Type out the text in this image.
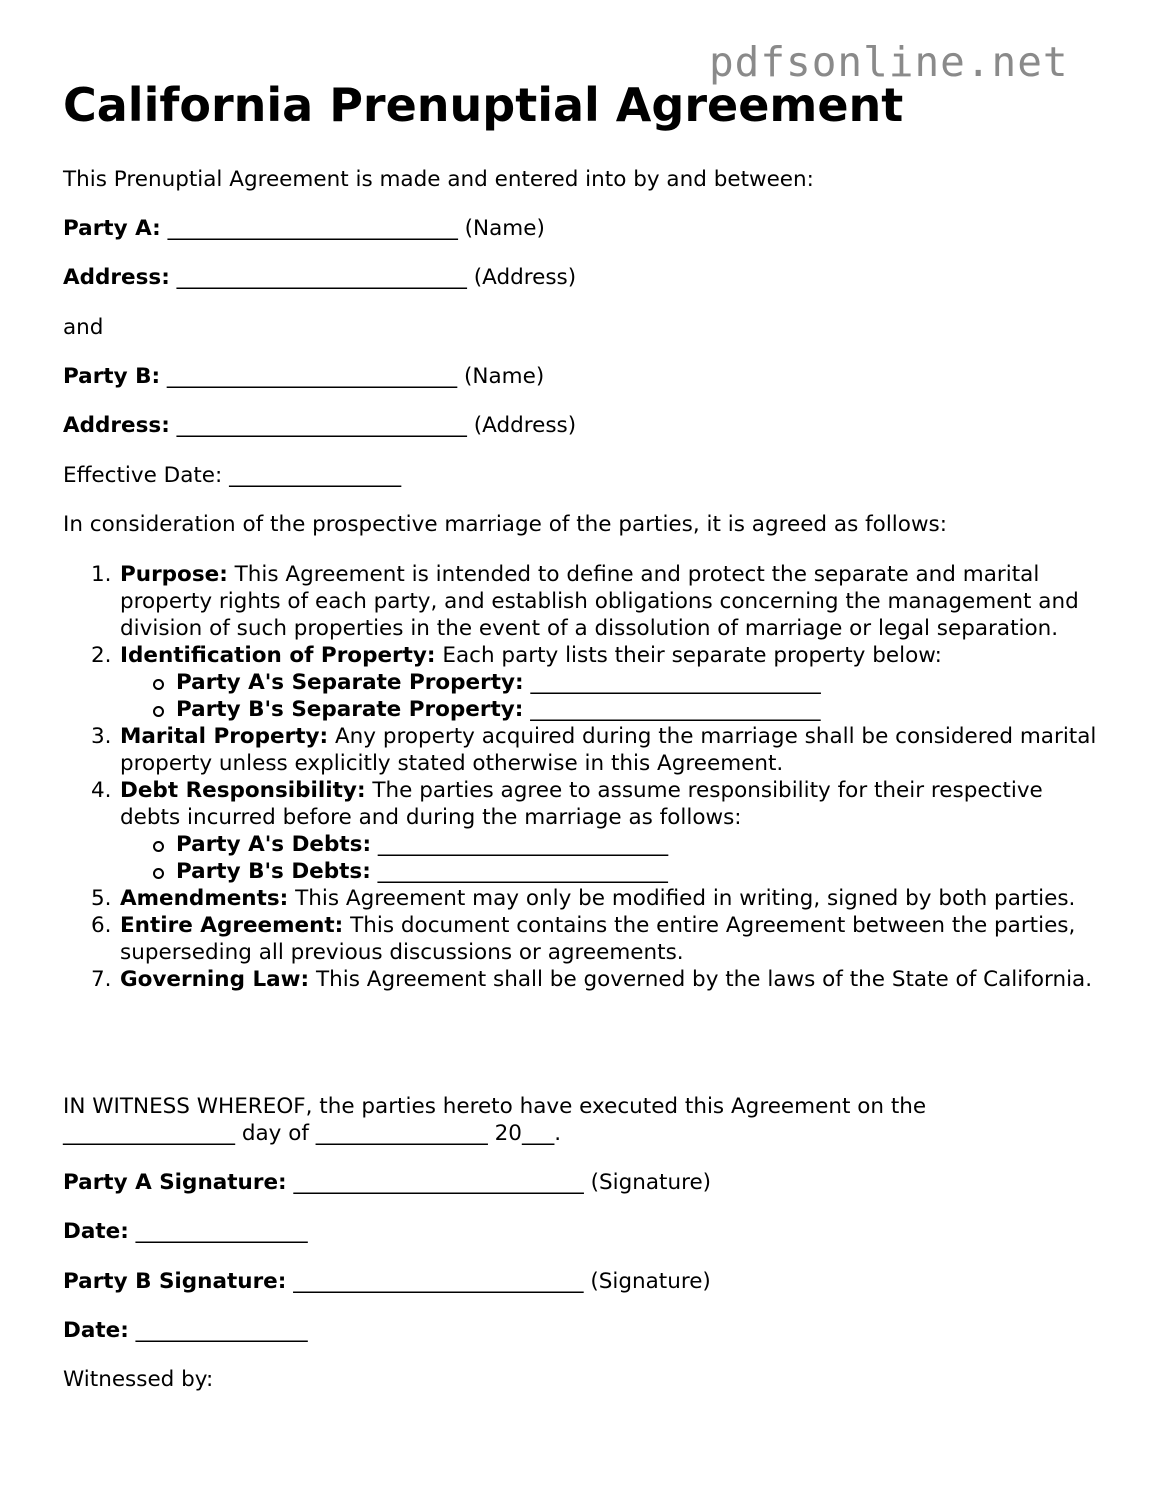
pdfsonline.net
California Prenuptial Agreement
This Prenuptial Agreement is made and entered into by and between:
Party A: ___________________________ (Name)
Address: ___________________________ (Address)
and
Party B: ___________________________ (Name)
Address: ___________________________ (Address)
Effective Date: ________________
In consideration of the prospective marriage of the parties, it is agreed as follows:
1. Purpose: This Agreement is intended to define and protect the separate and marital property rights of each party, and establish obligations concerning the management and division of such properties in the event of a dissolution of marriage or legal separation.
2. Identification of Property: Each party lists their separate property below:
Party A's Separate Property: ___________________________
Party B's Separate Property: ___________________________
3. Marital Property: Any property acquired during the marriage shall be considered marital property unless explicitly stated otherwise in this Agreement.
4. Debt Responsibility: The parties agree to assume responsibility for their respective debts incurred before and during the marriage as follows:
Party A's Debts: ___________________________
Party B's Debts: ___________________________
5. Amendments: This Agreement may only be modified in writing, signed by both parties.
6. Entire Agreement: This document contains the entire Agreement between the parties, superseding all previous discussions or agreements.
7. Governing Law: This Agreement shall be governed by the laws of the State of California.
IN WITNESS WHEREOF, the parties hereto have executed this Agreement on the
________________ day of ________________ 20___.
Party A Signature: ___________________________ (Signature)
Date: ________________
Party B Signature: ___________________________ (Signature)
Date: ________________
Witnessed by:
